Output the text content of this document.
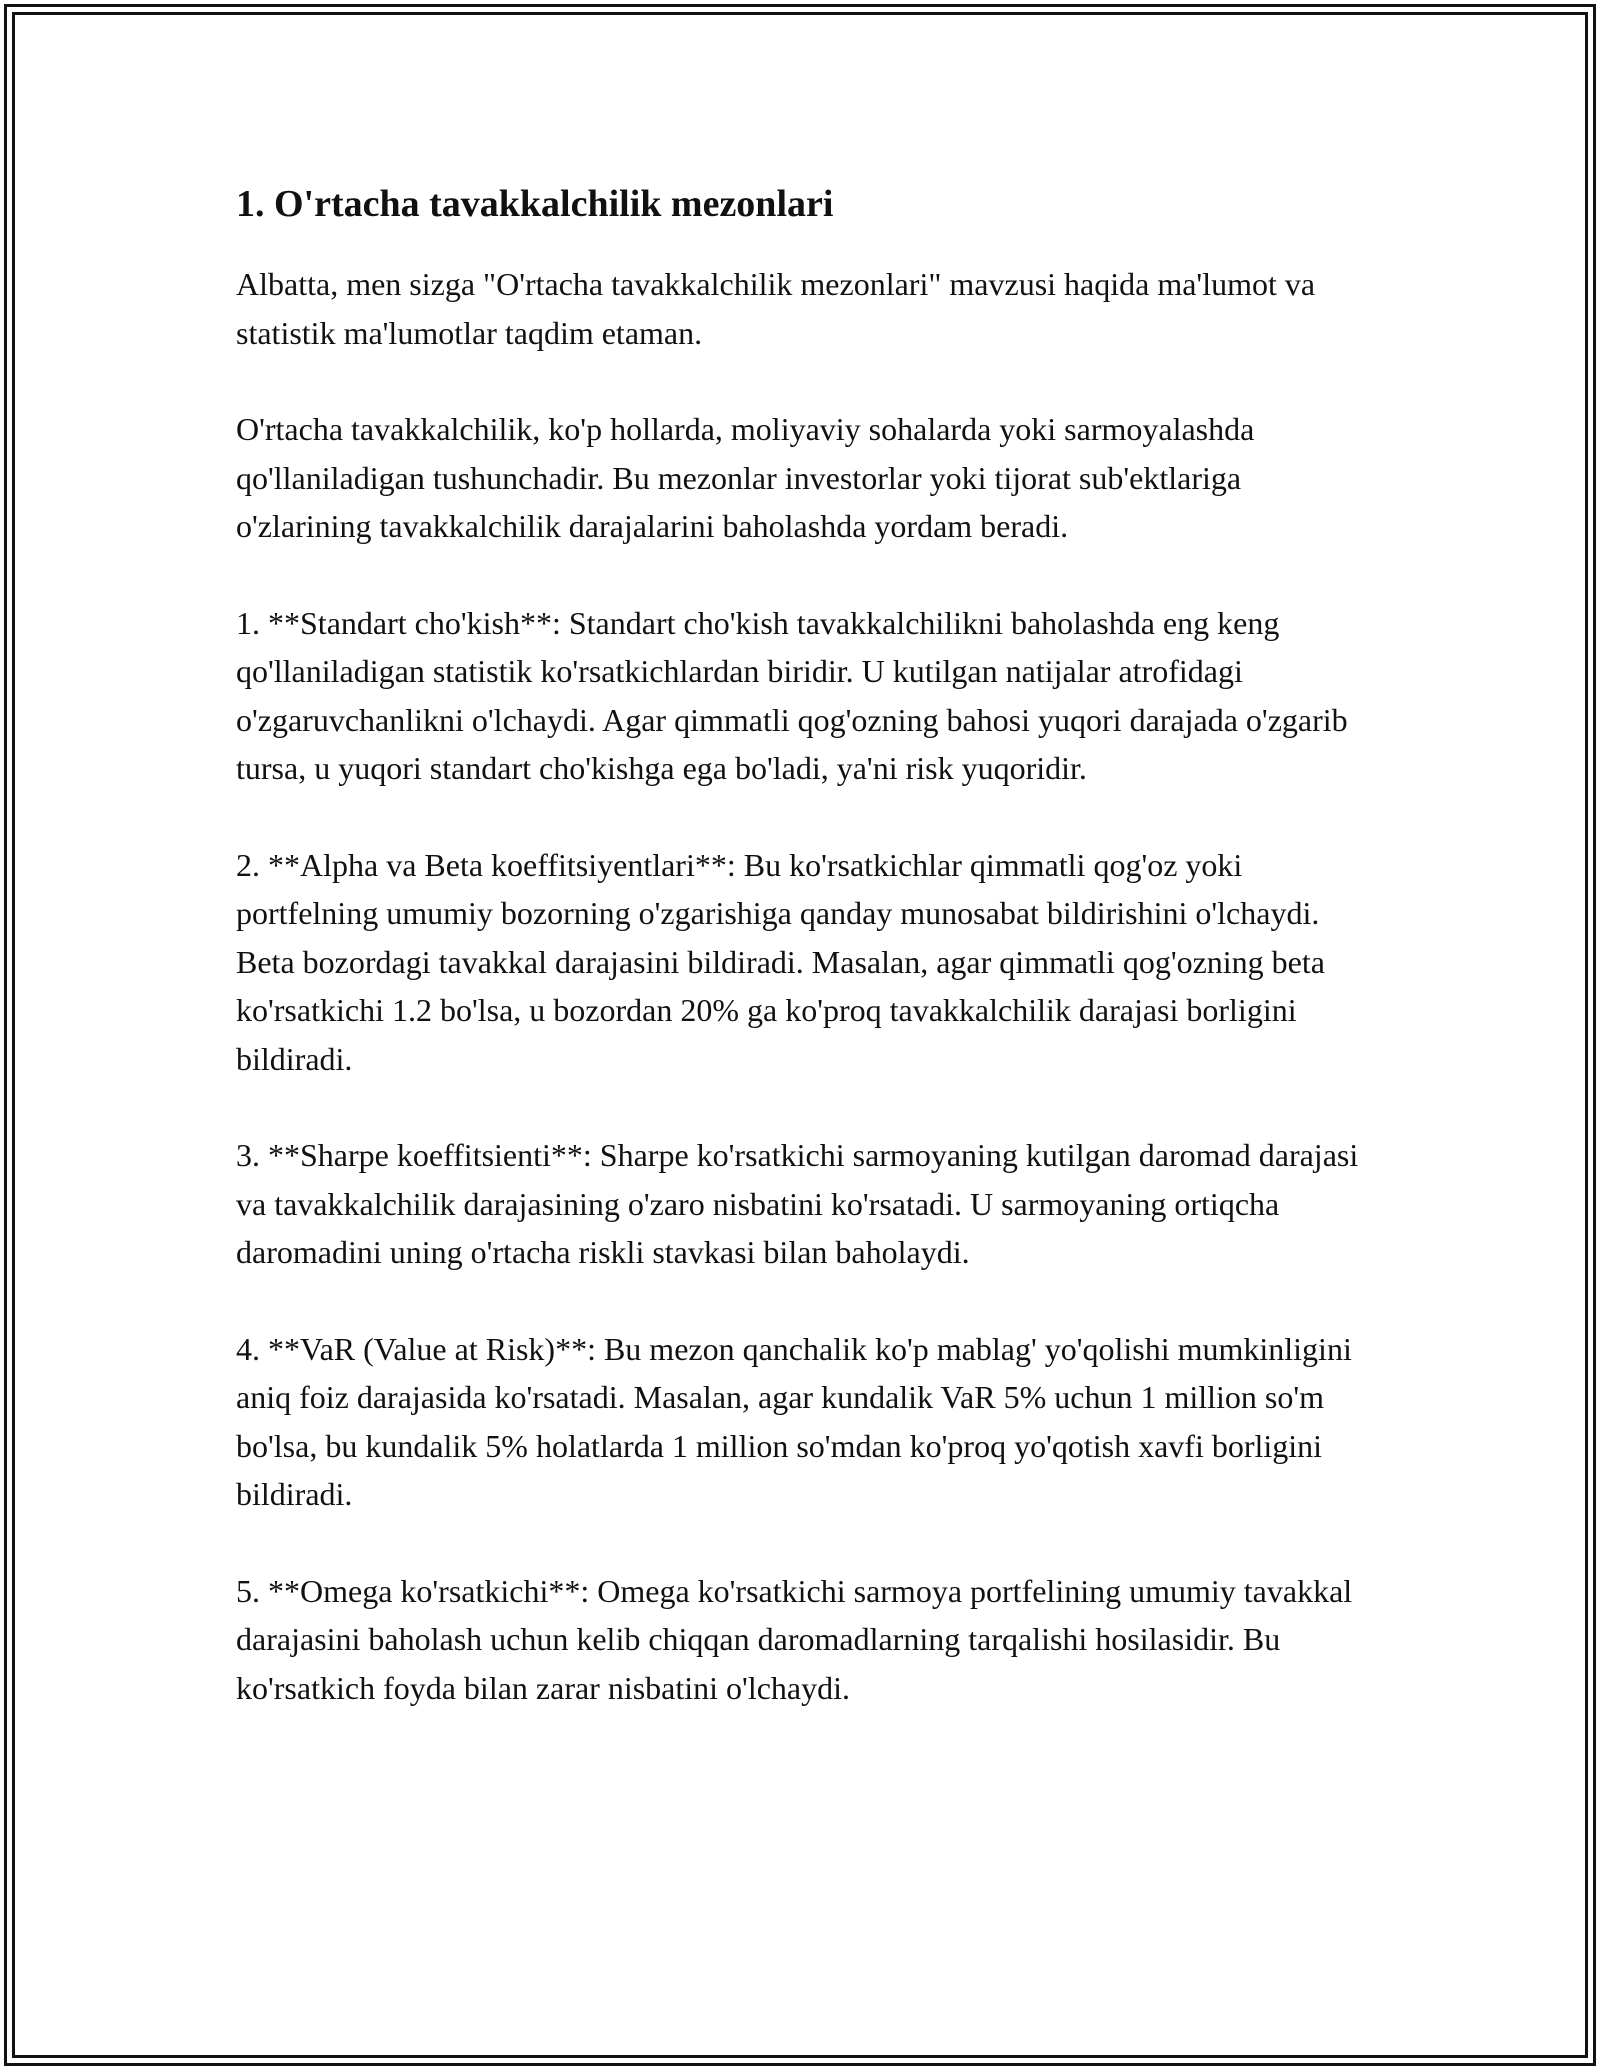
1. O'rtacha tavakkalchilik mezonlari

Albatta, men sizga "O'rtacha tavakkalchilik mezonlari" mavzusi haqida ma'lumot va statistik ma'lumotlar taqdim etaman.

O'rtacha tavakkalchilik, ko'p hollarda, moliyaviy sohalarda yoki sarmoyalashda qo'llaniladigan tushunchadir. Bu mezonlar investorlar yoki tijorat sub'ektlariga o'zlarining tavakkalchilik darajalarini baholashda yordam beradi.

1. **Standart cho'kish**: Standart cho'kish tavakkalchilikni baholashda eng keng qo'llaniladigan statistik ko'rsatkichlardan biridir. U kutilgan natijalar atrofidagi o'zgaruvchanlikni o'lchaydi. Agar qimmatli qog'ozning bahosi yuqori darajada o'zgarib tursa, u yuqori standart cho'kishga ega bo'ladi, ya'ni risk yuqoridir.

2. **Alpha va Beta koeffitsiyentlari**: Bu ko'rsatkichlar qimmatli qog'oz yoki portfelning umumiy bozorning o'zgarishiga qanday munosabat bildirishini o'lchaydi. Beta bozordagi tavakkal darajasini bildiradi. Masalan, agar qimmatli qog'ozning beta ko'rsatkichi 1.2 bo'lsa, u bozordan 20% ga ko'proq tavakkalchilik darajasi borligini bildiradi.

3. **Sharpe koeffitsienti**: Sharpe ko'rsatkichi sarmoyaning kutilgan daromad darajasi va tavakkalchilik darajasining o'zaro nisbatini ko'rsatadi. U sarmoyaning ortiqcha daromadini uning o'rtacha riskli stavkasi bilan baholaydi.

4. **VaR (Value at Risk)**: Bu mezon qanchalik ko'p mablag' yo'qolishi mumkinligini aniq foiz darajasida ko'rsatadi. Masalan, agar kundalik VaR 5% uchun 1 million so'm bo'lsa, bu kundalik 5% holatlarda 1 million so'mdan ko'proq yo'qotish xavfi borligini bildiradi.

5. **Omega ko'rsatkichi**: Omega ko'rsatkichi sarmoya portfelining umumiy tavakkal darajasini baholash uchun kelib chiqqan daromadlarning tarqalishi hosilasidir. Bu ko'rsatkich foyda bilan zarar nisbatini o'lchaydi.
